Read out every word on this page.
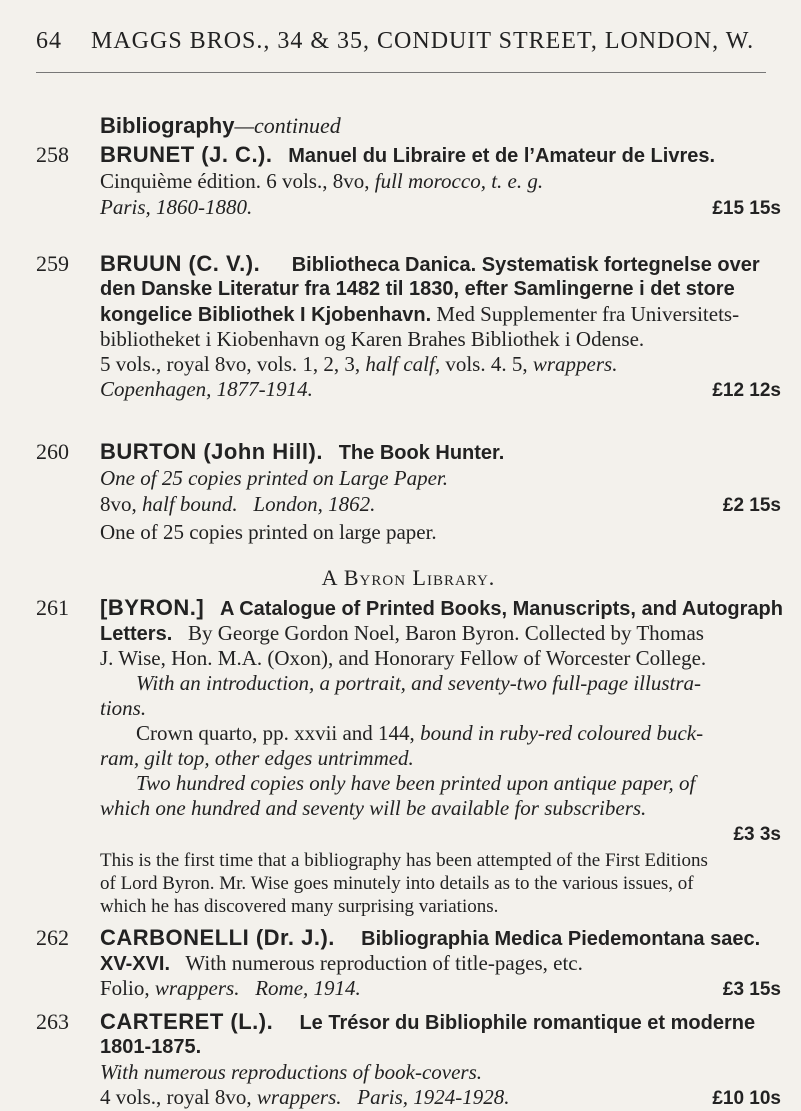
64 MAGGS BROS., 34 & 35, CONDUIT STREET, LONDON, W.
Bibliography—continued
258 BRUNET (J. C.). Manuel du Libraire et de l’Amateur de Livres.
Cinquième édition. 6 vols., 8vo, full morocco, t. e. g.
Paris, 1860-1880.	£15 15s
259 BRUUN (C. V.). Bibliotheca Danica. Systematisk fortegnelse over
den Danske Literatur fra 1482 til 1830, efter Samlingerne i det store
kongelice Bibliothek I Kjobenhavn. Med Supplementer fra Universitets-
bibliotheket i Kiobenhavn og Karen Brahes Bibliothek i Odense.
5 vols., royal 8vo, vols. 1, 2, 3, half calf, vols. 4. 5, wrappers.
Copenhagen, 1877-1914.	£12 12s
260 BURTON (John Hill). The Book Hunter.
One of 25 copies printed on Large Paper.
8vo, half bound. London, 1862.	£2 15s
One of 25 copies printed on large paper.
A Byron Library.
261 [BYRON.] A Catalogue of Printed Books, Manuscripts, and Autograph
Letters. By George Gordon Noel, Baron Byron. Collected by Thomas
J. Wise, Hon. M.A. (Oxon), and Honorary Fellow of Worcester College.
With an introduction, a portrait, and seventy-two full-page illustra-
tions.
Crown quarto, pp. xxvii and 144, bound in ruby-red coloured buck-
ram, gilt top, other edges untrimmed.
Two hundred copies only have been printed upon antique paper, of
which one hundred and seventy will be available for subscribers.
£3 3s
This is the first time that a bibliography has been attempted of the First Editions
of Lord Byron. Mr. Wise goes minutely into details as to the various issues, of
which he has discovered many surprising variations.
262 CARBONELLI (Dr. J.). Bibliographia Medica Piedemontana saec.
XV-XVI. With numerous reproduction of title-pages, etc.
Folio, wrappers. Rome, 1914.	£3 15s
263 CARTERET (L.). Le Trésor du Bibliophile romantique et moderne
1801-1875.
With numerous reproductions of book-covers.
4 vols., royal 8vo, wrappers. Paris, 1924-1928.	£10 10s
